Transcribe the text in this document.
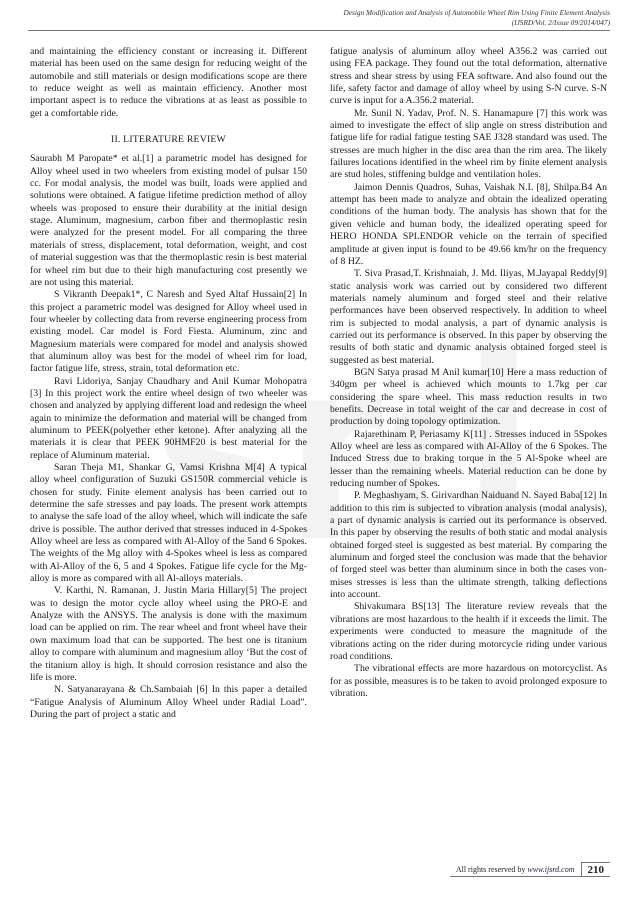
Design Modification and Analysis of Automobile Wheel Rim Using Finite Element Analysis
(IJSRD/Vol. 2/Issue 09/2014/047)

and maintaining the efficiency constant or increasing it. Different material has been used on the same design for reducing weight of the automobile and still materials or design modifications scope are there to reduce weight as well as maintain efficiency. Another most important aspect is to reduce the vibrations at as least as possible to get a comfortable ride.

II. LITERATURE REVIEW

Saurabh M Paropate* et al.[1] a parametric model has designed for Alloy wheel used in two wheelers from existing model of pulsar 150 cc. For modal analysis, the model was built, loads were applied and solutions were obtained. A fatigue lifetime prediction method of alloy wheels was proposed to ensure their durability at the initial design stage. Aluminum, magnesium, carbon fiber and thermoplastic resin were analyzed for the present model. For all comparing the three materials of stress, displacement, total deformation, weight, and cost of material suggestion was that the thermoplastic resin is best material for wheel rim but due to their high manufacturing cost presently we are not using this material.

S Vikranth Deepak1*, C Naresh and Syed Altaf Hussain[2] In this project a parametric model was designed for Alloy wheel used in four wheeler by collecting data from reverse engineering process from existing model. Car model is Ford Fiesta. Aluminum, zinc and Magnesium materials were compared for model and analysis showed that aluminum alloy was best for the model of wheel rim for load, factor fatigue life, stress, strain, total deformation etc.

Ravi Lidoriya, Sanjay Chaudhary and Anil Kumar Mohopatra [3] In this project work the entire wheel design of two wheeler was chosen and analyzed by applying different load and redesign the wheel again to minimize the deformation and material will be changed from aluminum to PEEK(polyether ether ketone). After analyzing all the materials it is clear that PEEK 90HMF20 is best material for the replace of Aluminum material.

Saran Theja M1, Shankar G, Vamsi Krishna M[4] A typical alloy wheel configuration of Suzuki GS150R commercial vehicle is chosen for study. Finite element analysis has been carried out to determine the safe stresses and pay loads. The present work attempts to analyse the safe load of the alloy wheel, which will indicate the safe drive is possible. The author derived that stresses induced in 4-Spokes Alloy wheel are less as compared with Al-Alloy of the 5and 6 Spokes. The weights of the Mg alloy with 4-Spokes wheel is less as compared with Al-Alloy of the 6, 5 and 4 Spokes. Fatigue life cycle for the Mg-alloy is more as compared with all Al-alloys materials.

V. Karthi, N. Ramanan, J. Justin Maria Hillary[5] The project was to design the motor cycle alloy wheel using the PRO-E and Analyze with the ANSYS. The analysis is done with the maximum load can be applied on rim. The rear wheel and front wheel have their own maximum load that can be supported. The best one is titanium alloy to compare with aluminum and magnesium alloy ‘But the cost of the titanium alloy is high. It should corrosion resistance and also the life is more.

N. Satyanarayana & Ch.Sambaiah [6] In this paper a detailed “Fatigue Analysis of Aluminum Alloy Wheel under Radial Load”. During the part of project a static and

fatigue analysis of aluminum alloy wheel A356.2 was carried out using FEA package. They found out the total deformation, alternative stress and shear stress by using FEA software. And also found out the life, safety factor and damage of alloy wheel by using S-N curve. S-N curve is input for a A.356.2 material.

Mr. Sunil N. Yadav, Prof. N. S. Hanamapure [7] this work was aimed to investigate the effect of slip angle on stress distribution and fatigue life for radial fatigue testing SAE J328 standard was used. The stresses are much higher in the disc area than the rim area. The likely failures locations identified in the wheel rim by finite element analysis are stud holes, stiffening buldge and ventilation holes.

Jaimon Dennis Quadros, Suhas, Vaishak N.L [8], Shilpa.B4 An attempt has been made to analyze and obtain the idealized operating conditions of the human body. The analysis has shown that for the given vehicle and human body, the idealized operating speed for HERO HONDA SPLENDOR vehicle on the terrain of specified amplitude at given input is found to be 49.66 km/hr on the frequency of 8 HZ.

T. Siva Prasad,T. Krishnaiah, J. Md. Iliyas, M.Jayapal Reddy[9] static analysis work was carried out by considered two different materials namely aluminum and forged steel and their relative performances have been observed respectively. In addition to wheel rim is subjected to modal analysis, a part of dynamic analysis is carried out its performance is observed. In this paper by observing the results of both static and dynamic analysis obtained forged steel is suggested as best material.

BGN Satya prasad M Anil kumar[10] Here a mass reduction of 340gm per wheel is achieved which mounts to 1.7kg per car considering the spare wheel. This mass reduction results in two benefits. Decrease in total weight of the car and decrease in cost of production by doing topology optimization.

Rajarethinam P, Periasamy K[11] . Stresses induced in 5Spokes Alloy wheel are less as compared with Al-Alloy of the 6 Spokes. The Induced Stress due to braking torque in the 5 Al-Spoke wheel are lesser than the remaining wheels. Material reduction can be done by reducing number of Spokes.

P. Meghashyam, S. Girivardhan Naiduand N. Sayed Baba[12] In addition to this rim is subjected to vibration analysis (modal analysis), a part of dynamic analysis is carried out its performance is observed. In this paper by observing the results of both static and modal analysis obtained forged steel is suggested as best material. By comparing the aluminum and forged steel the conclusion was made that the behavior of forged steel was better than aluminum since in both the cases von-mises stresses is less than the ultimate strength, talking deflections into account.

Shivakumara BS[13] The literature review reveals that the vibrations are most hazardous to the health if it exceeds the limit. The experiments were conducted to measure the magnitude of the vibrations acting on the rider during motorcycle riding under various road conditions.

The vibrational effects are more hazardous on motorcyclist. As for as possible, measures is to be taken to avoid prolonged exposure to vibration.

All rights reserved by www.ijsrd.com	210
